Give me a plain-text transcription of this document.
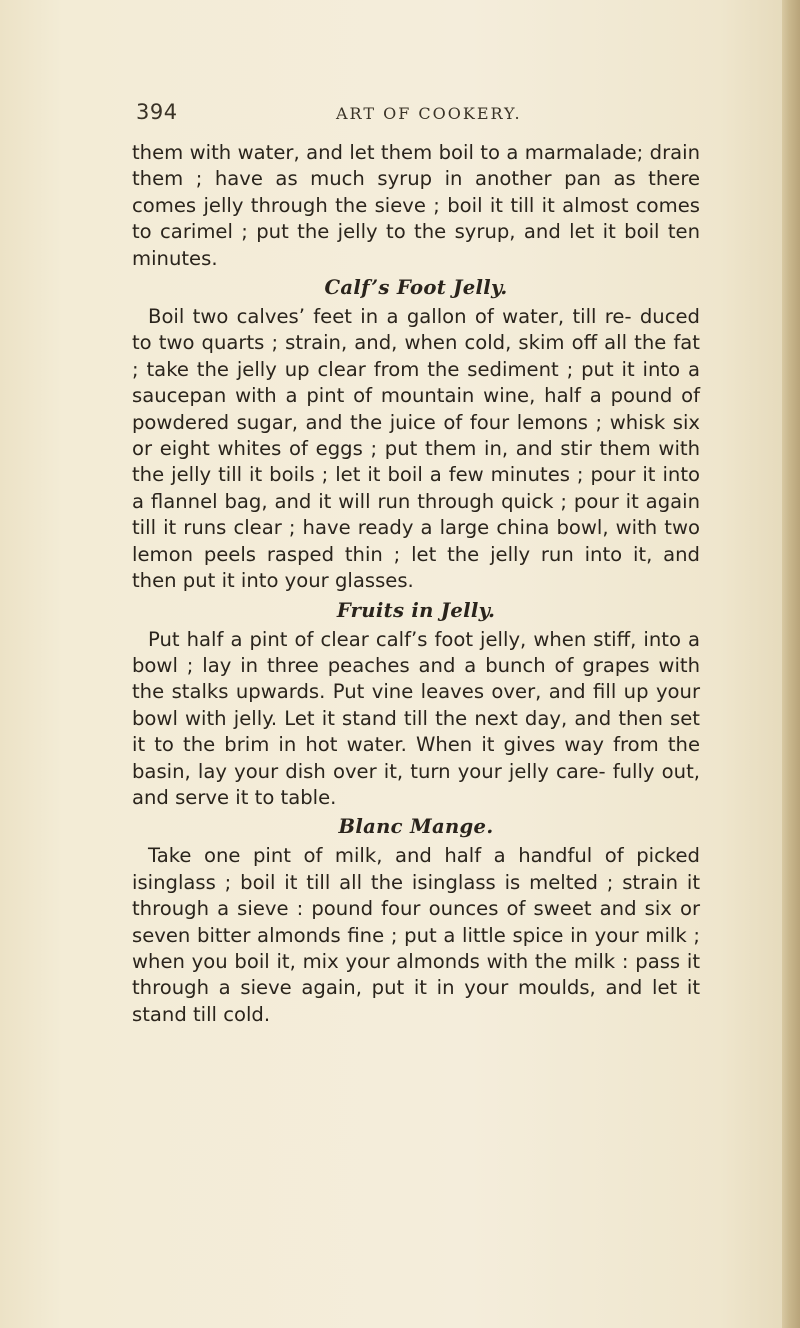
394	ART OF COOKERY.

them with water, and let them boil to a marmalade; drain them ; have as much syrup in another pan as there comes jelly through the sieve ; boil it till it almost comes to carimel ; put the jelly to the syrup, and let it boil ten minutes.

Calf’s Foot Jelly.

Boil two calves’ feet in a gallon of water, till re- duced to two quarts ; strain, and, when cold, skim off all the fat ; take the jelly up clear from the sediment ; put it into a saucepan with a pint of mountain wine, half a pound of powdered sugar, and the juice of four lemons ; whisk six or eight whites of eggs ; put them in, and stir them with the jelly till it boils ; let it boil a few minutes ; pour it into a flannel bag, and it will run through quick ; pour it again till it runs clear ; have ready a large china bowl, with two lemon peels rasped thin ; let the jelly run into it, and then put it into your glasses.

Fruits in Jelly.

Put half a pint of clear calf’s foot jelly, when stiff, into a bowl ; lay in three peaches and a bunch of grapes with the stalks upwards. Put vine leaves over, and fill up your bowl with jelly. Let it stand till the next day, and then set it to the brim in hot water. When it gives way from the basin, lay your dish over it, turn your jelly care- fully out, and serve it to table.

Blanc Mange.

Take one pint of milk, and half a handful of picked isinglass ; boil it till all the isinglass is melted ; strain it through a sieve : pound four ounces of sweet and six or seven bitter almonds fine ; put a little spice in your milk ; when you boil it, mix your almonds with the milk : pass it through a sieve again, put it in your moulds, and let it stand till cold.
